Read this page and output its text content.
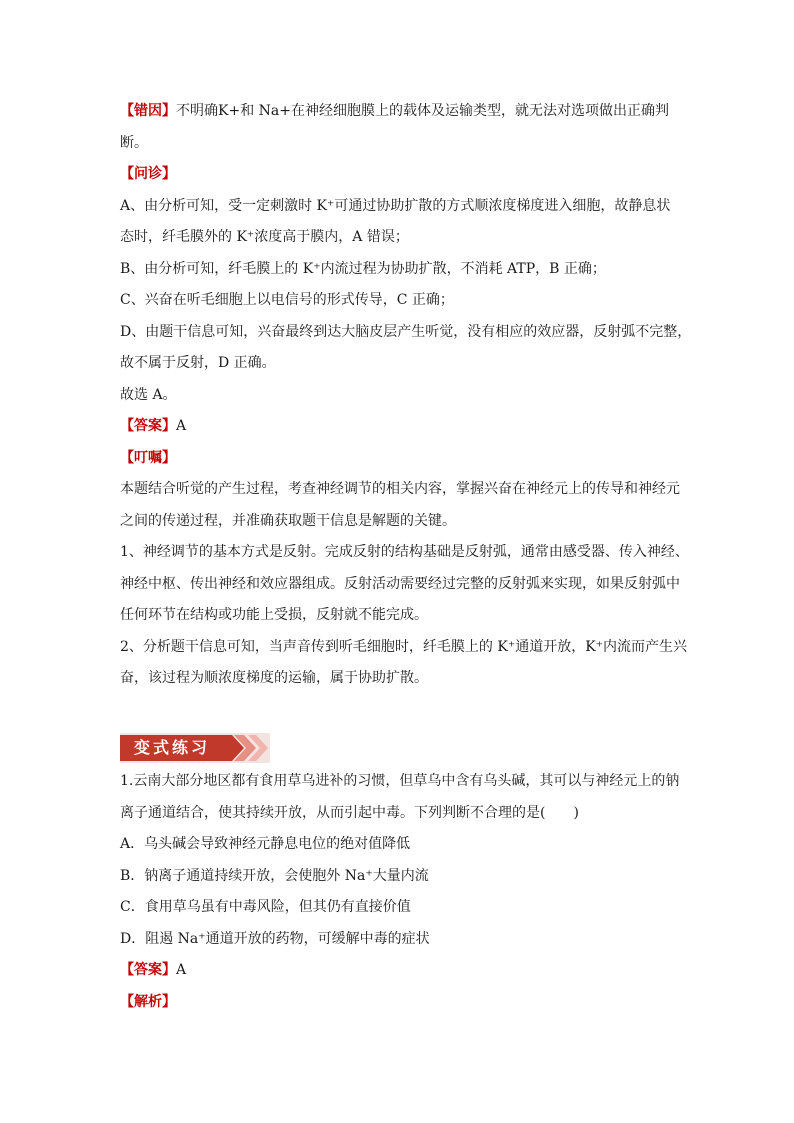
【错因】不明确K+和 Na+在神经细胞膜上的载体及运输类型，就无法对选项做出正确判
断。
【问诊】
A、由分析可知，受一定刺激时 K⁺可通过协助扩散的方式顺浓度梯度进入细胞，故静息状
态时，纤毛膜外的 K⁺浓度高于膜内，A 错误；
B、由分析可知，纤毛膜上的 K⁺内流过程为协助扩散，不消耗 ATP，B 正确；
C、兴奋在听毛细胞上以电信号的形式传导，C 正确；
D、由题干信息可知，兴奋最终到达大脑皮层产生听觉，没有相应的效应器，反射弧不完整，
故不属于反射，D 正确。
故选 A。
【答案】A
【叮嘱】
本题结合听觉的产生过程，考查神经调节的相关内容，掌握兴奋在神经元上的传导和神经元
之间的传递过程，并准确获取题干信息是解题的关键。
1、神经调节的基本方式是反射。完成反射的结构基础是反射弧，通常由感受器、传入神经、
神经中枢、传出神经和效应器组成。反射活动需要经过完整的反射弧来实现，如果反射弧中
任何环节在结构或功能上受损，反射就不能完成。
2、分析题干信息可知，当声音传到听毛细胞时，纤毛膜上的 K⁺通道开放，K⁺内流而产生兴
奋，该过程为顺浓度梯度的运输，属于协助扩散。
变式练习
1.云南大部分地区都有食用草乌进补的习惯，但草乌中含有乌头碱，其可以与神经元上的钠
离子通道结合，使其持续开放，从而引起中毒。下列判断不合理的是(　　)
A．乌头碱会导致神经元静息电位的绝对值降低
B．钠离子通道持续开放，会使胞外 Na⁺大量内流
C．食用草乌虽有中毒风险，但其仍有直接价值
D．阻遏 Na⁺通道开放的药物，可缓解中毒的症状
【答案】A
【解析】
